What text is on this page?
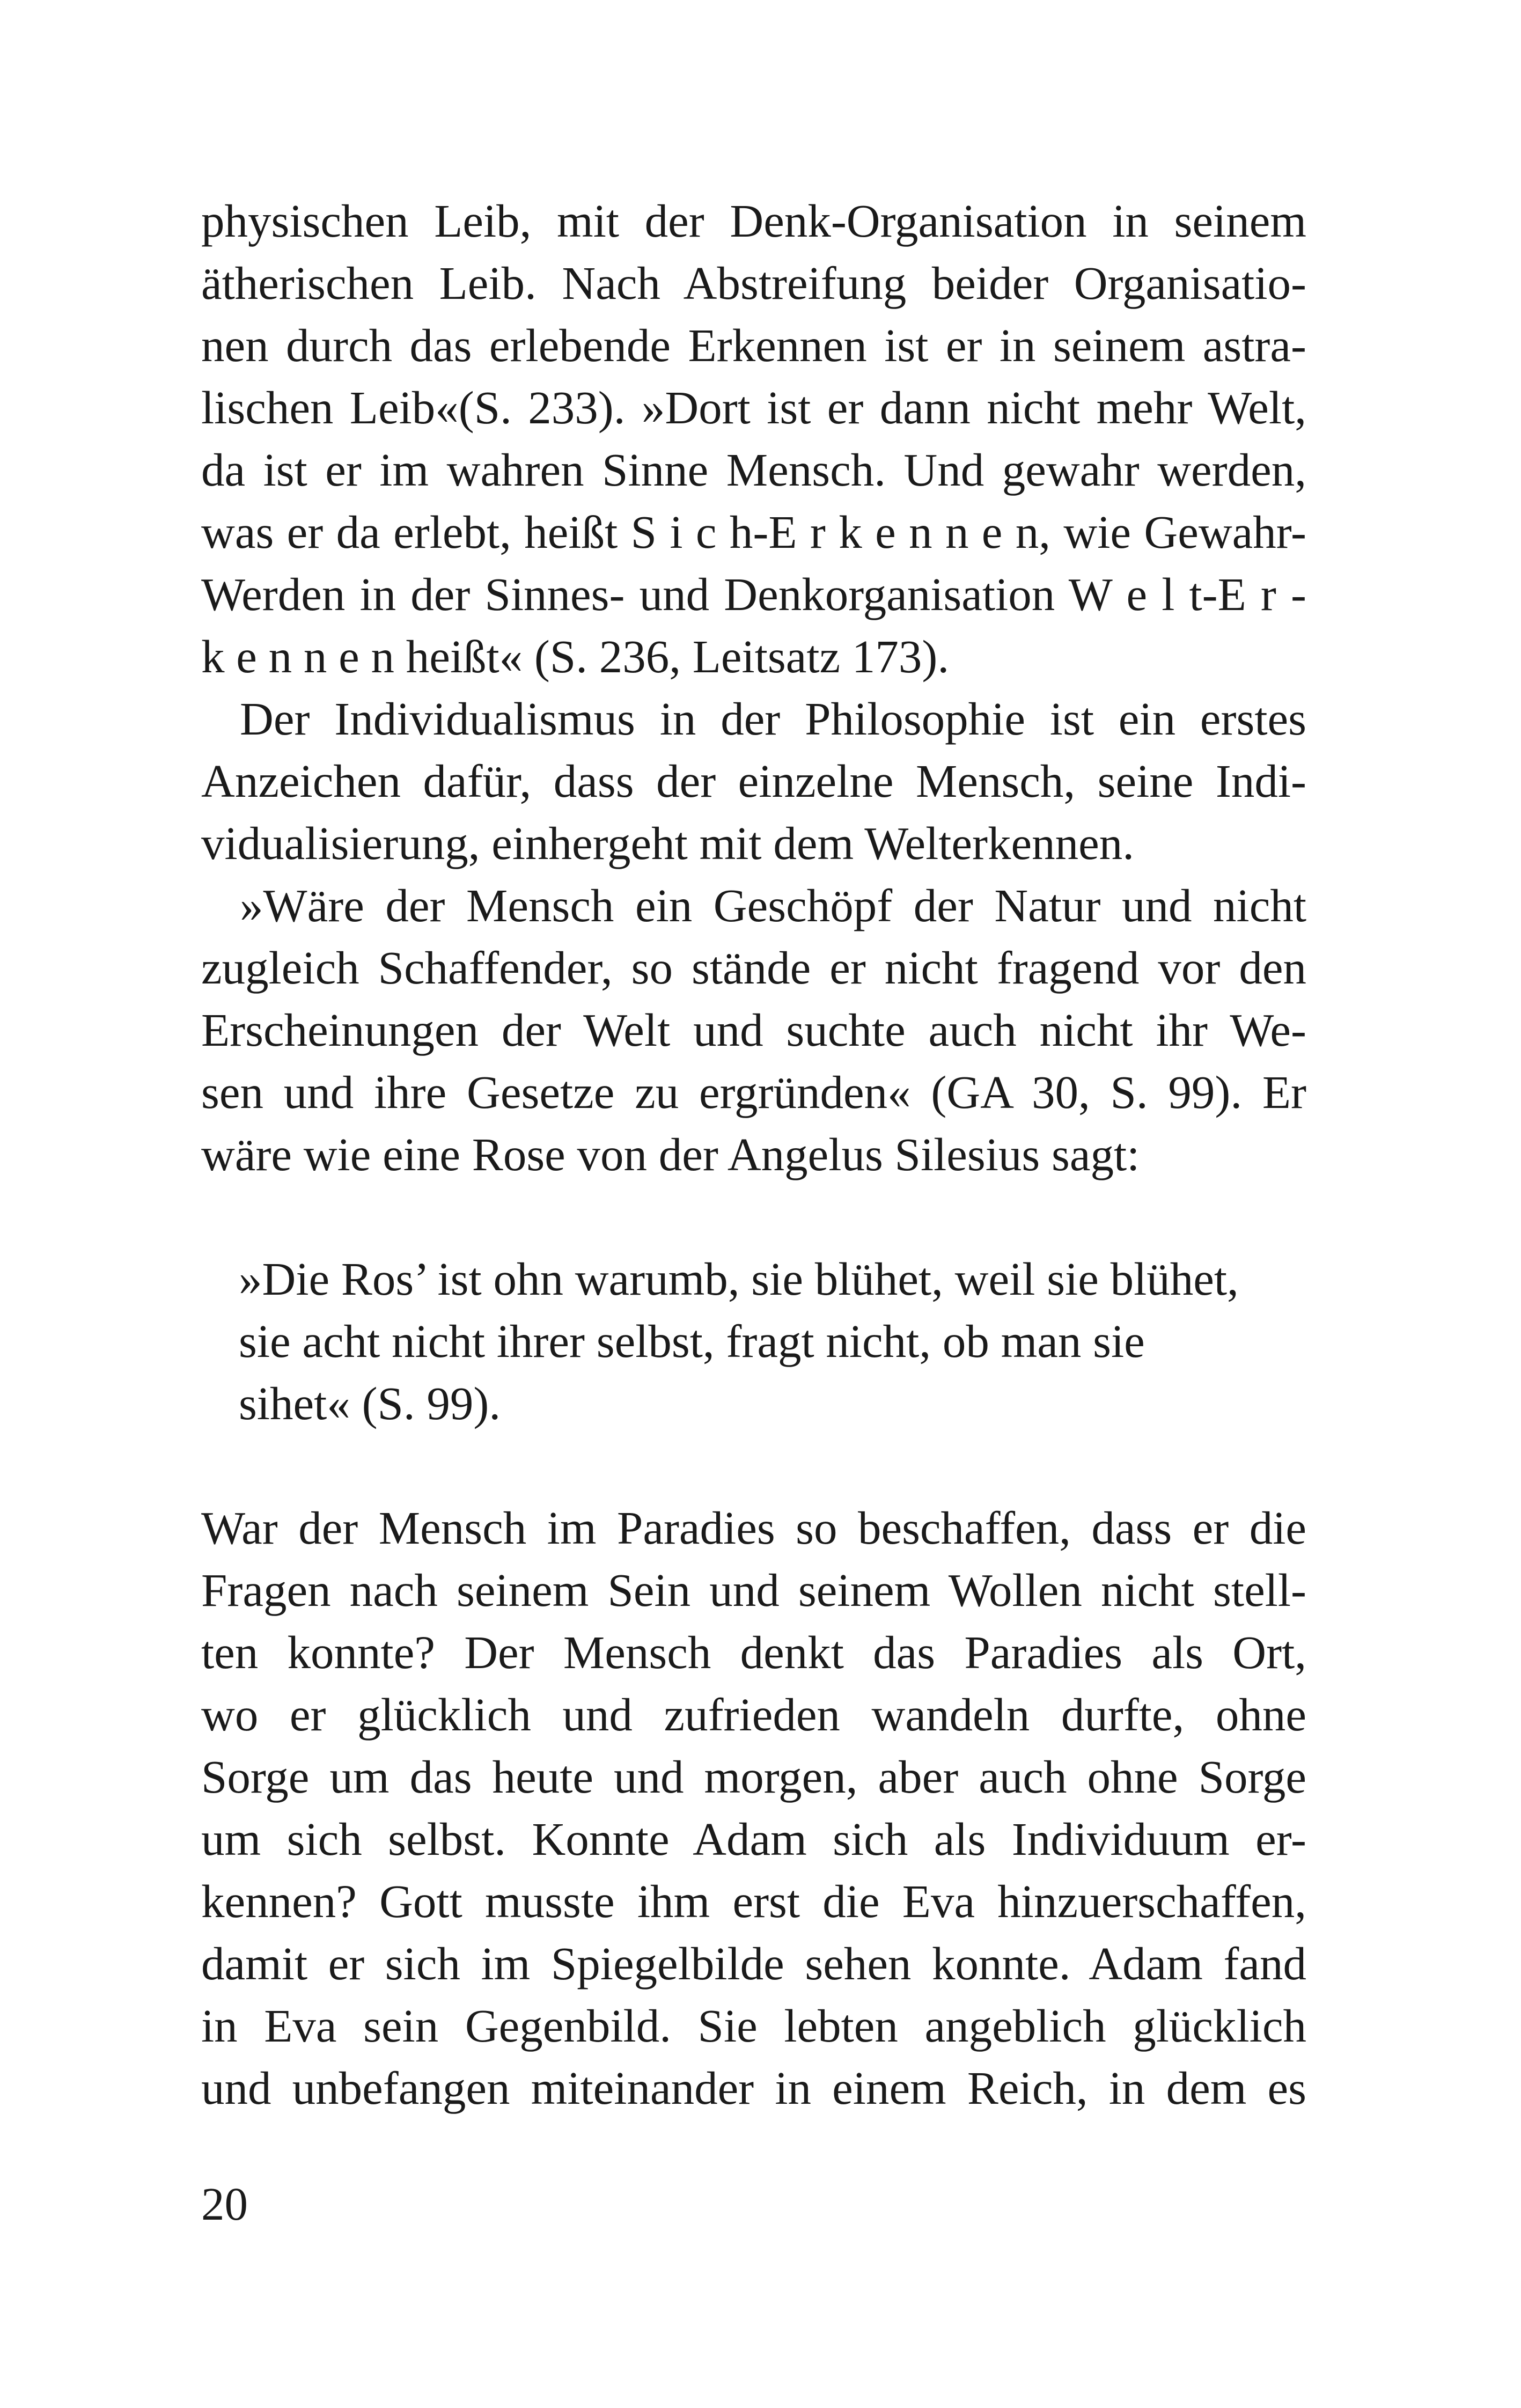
physischen Leib, mit der Denk-Organisation in seinem
ätherischen Leib. Nach Abstreifung beider Organisatio-
nen durch das erlebende Erkennen ist er in seinem astra-
lischen Leib«(S. 233). »Dort ist er dann nicht mehr Welt,
da ist er im wahren Sinne Mensch. Und gewahr werden,
was er da erlebt, heißt S i c h-E r k e n n e n, wie Gewahr-
Werden in der Sinnes- und Denkorganisation W e l t-E r -
k e n n e n heißt« (S. 236, Leitsatz 173).
Der Individualismus in der Philosophie ist ein erstes
Anzeichen dafür, dass der einzelne Mensch, seine Indi-
vidualisierung, einhergeht mit dem Welterkennen.
»Wäre der Mensch ein Geschöpf der Natur und nicht
zugleich Schaffender, so stände er nicht fragend vor den
Erscheinungen der Welt und suchte auch nicht ihr We-
sen und ihre Gesetze zu ergründen« (GA 30, S. 99). Er
wäre wie eine Rose von der Angelus Silesius sagt:
»Die Ros’ ist ohn warumb, sie blühet, weil sie blühet,
sie acht nicht ihrer selbst, fragt nicht, ob man sie
sihet« (S. 99).
War der Mensch im Paradies so beschaffen, dass er die
Fragen nach seinem Sein und seinem Wollen nicht stell-
ten konnte? Der Mensch denkt das Paradies als Ort,
wo er glücklich und zufrieden wandeln durfte, ohne
Sorge um das heute und morgen, aber auch ohne Sorge
um sich selbst. Konnte Adam sich als Individuum er-
kennen? Gott musste ihm erst die Eva hinzuerschaffen,
damit er sich im Spiegelbilde sehen konnte. Adam fand
in Eva sein Gegenbild. Sie lebten angeblich glücklich
und unbefangen miteinander in einem Reich, in dem es
20
